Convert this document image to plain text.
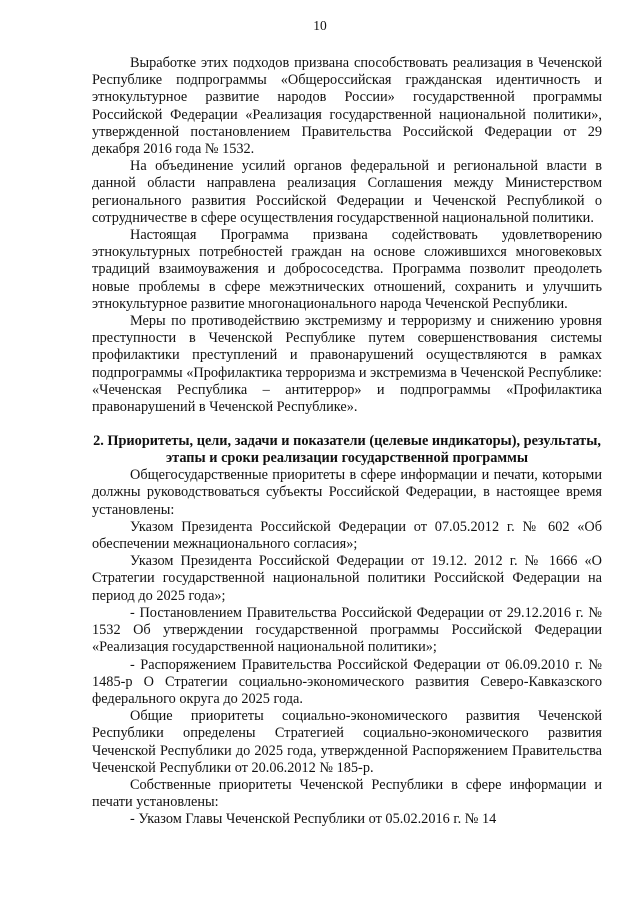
10

Выработке этих подходов призвана способствовать реализация в Чеченской Республике подпрограммы «Общероссийская гражданская идентичность и этнокультурное развитие народов России» государственной программы Российской Федерации «Реализация государственной национальной политики», утвержденной постановлением Правительства Российской Федерации от 29 декабря 2016 года № 1532.

На объединение усилий органов федеральной и региональной власти в данной области направлена реализация Соглашения между Министерством регионального развития Российской Федерации и Чеченской Республикой о сотрудничестве в сфере осуществления государственной национальной политики.

Настоящая Программа призвана содействовать удовлетворению этнокультурных потребностей граждан на основе сложившихся многовековых традиций взаимоуважения и добрососедства. Программа позволит преодолеть новые проблемы в сфере межэтнических отношений, сохранить и улучшить этнокультурное развитие многонационального народа Чеченской Республики.

Меры по противодействию экстремизму и терроризму и снижению уровня преступности в Чеченской Республике путем совершенствования системы профилактики преступлений и правонарушений осуществляются в рамках подпрограммы «Профилактика терроризма и экстремизма в Чеченской Республике: «Чеченская Республика – антитеррор» и подпрограммы «Профилактика правонарушений в Чеченской Республике».

2. Приоритеты, цели, задачи и показатели (целевые индикаторы), результаты, этапы и сроки реализации государственной программы

Общегосударственные приоритеты в сфере информации и печати, которыми должны руководствоваться субъекты Российской Федерации, в настоящее время установлены:

Указом Президента Российской Федерации от 07.05.2012 г. № 602 «Об обеспечении межнационального согласия»;

Указом Президента Российской Федерации от 19.12. 2012 г. № 1666 «О Стратегии государственной национальной политики Российской Федерации на период до 2025 года»;

- Постановлением Правительства Российской Федерации от 29.12.2016 г. № 1532 Об утверждении государственной программы Российской Федерации «Реализация государственной национальной политики»;

- Распоряжением Правительства Российской Федерации от 06.09.2010 г. № 1485-р О Стратегии социально-экономического развития Северо-Кавказского федерального округа до 2025 года.

Общие приоритеты социально-экономического развития Чеченской Республики определены Стратегией социально-экономического развития Чеченской Республики до 2025 года, утвержденной Распоряжением Правительства Чеченской Республики от 20.06.2012 № 185-р.

Собственные приоритеты Чеченской Республики в сфере информации и печати установлены:

- Указом Главы Чеченской Республики от 05.02.2016 г. № 14
